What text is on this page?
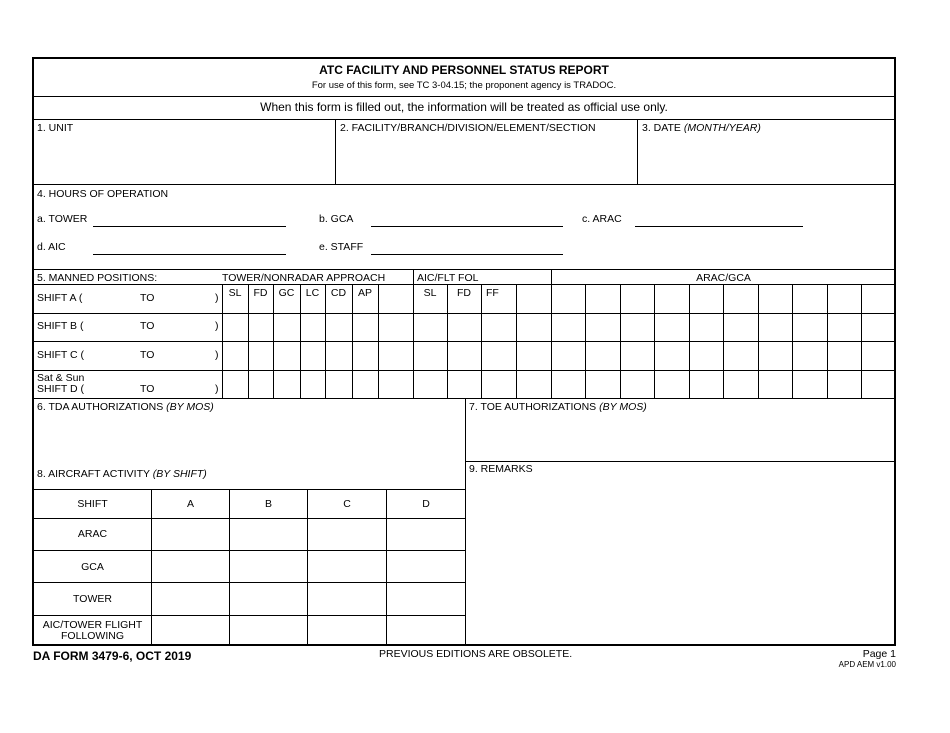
ATC FACILITY AND PERSONNEL STATUS REPORT
For use of this form, see TC 3-04.15; the proponent agency is TRADOC.
When this form is filled out, the information will be treated as official use only.
1. UNIT	2. FACILITY/BRANCH/DIVISION/ELEMENT/SECTION	3. DATE (MONTH/YEAR)
4. HOURS OF OPERATION
a. TOWER	b. GCA	c. ARAC
d. AIC	e. STAFF
5. MANNED POSITIONS:	TOWER/NONRADAR APPROACH	AIC/FLT FOL	ARAC/GCA
SL	FD	GC	LC	CD	AP	SL	FD	FF
SHIFT A (	TO	)
SHIFT B (	TO	)
SHIFT C (	TO	)
Sat & Sun
SHIFT D (	TO	)
6. TDA AUTHORIZATIONS (BY MOS)	7. TOE AUTHORIZATIONS (BY MOS)
9. REMARKS
8. AIRCRAFT ACTIVITY (BY SHIFT)
SHIFT	A	B	C	D
ARAC
GCA
TOWER
AIC/TOWER FLIGHT
FOLLOWING
DA FORM 3479-6, OCT 2019	PREVIOUS EDITIONS ARE OBSOLETE.	Page 1
APD AEM v1.00
